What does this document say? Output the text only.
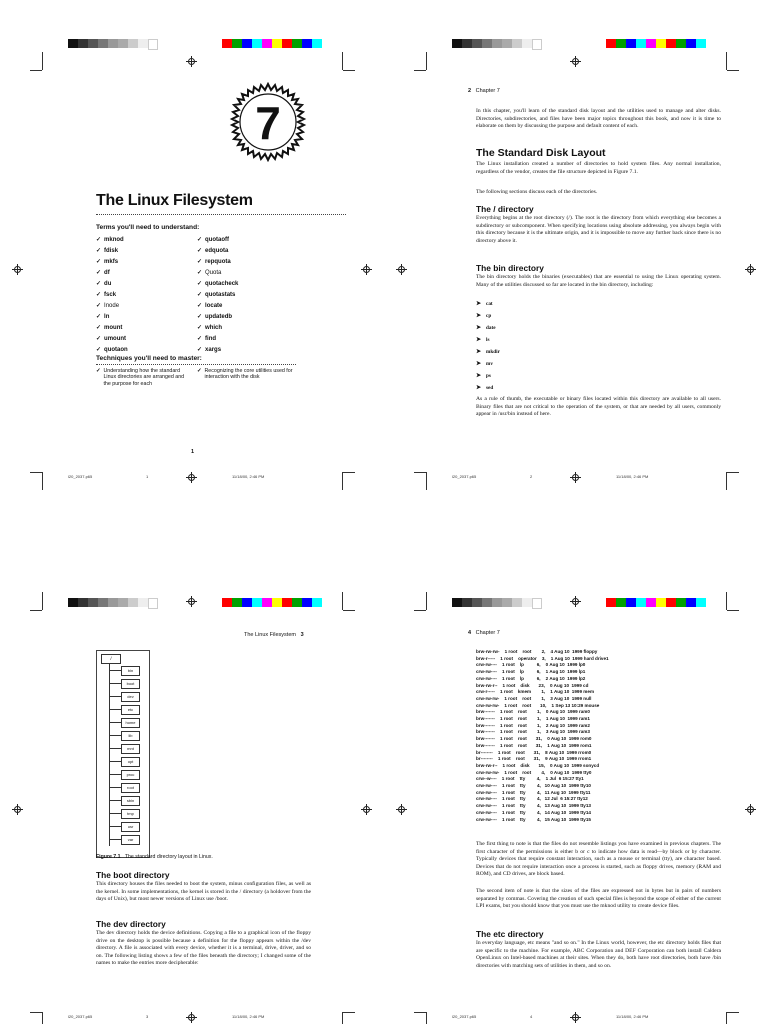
7
The Linux Filesystem
Terms you'll need to understand:
✓ mknod
✓ fdisk
✓ mkfs
✓ df
✓ du
✓ fsck
✓ Inode
✓ ln
✓ mount
✓ umount
✓ quotaon
✓ quotaoff
✓ edquota
✓ repquota
✓ Quota
✓ quotacheck
✓ quotastats
✓ locate
✓ updatedb
✓ which
✓ find
✓ xargs
Techniques you'll need to master:
✓ Understanding how the standard Linux directories are arranged and the purpose for each
✓ Recognizing the core utilities used for interaction with the disk
1
l20_2037.p65	1	11/18/00, 2:46 PM
2 Chapter 7
In this chapter, you'll learn of the standard disk layout and the utilities used to manage and alter disks. Directories, subdirectories, and files have been major topics throughout this book, and now it is time to elaborate on them by discussing the purpose and default content of each.
The Standard Disk Layout
The Linux installation created a number of directories to hold system files. Any normal installation, regardless of the vendor, creates the file structure depicted in Figure 7.1.
The following sections discuss each of the directories.
The / directory
Everything begins at the root directory (/). The root is the directory from which everything else becomes a subdirectory or subcomponent. When specifying locations using absolute addressing, you always begin with this directory because it is the ultimate origin, and it is impossible to move any further back since there is no directory above it.
The bin directory
The bin directory holds the binaries (executables) that are essential to using the Linux operating system. Many of the utilities discussed so far are located in the bin directory, including:
➤ cat
➤ cp
➤ date
➤ ls
➤ mkdir
➤ mv
➤ ps
➤ sed
As a rule of thumb, the executable or binary files located within this directory are available to all users. Binary files that are not critical to the operation of the system, or that are needed by all users, commonly appear in /usr/bin instead of here.
l20_2037.p65	2	11/18/00, 2:46 PM
The Linux Filesystem 3
/
bin
boot
dev
etc
home
lib
mnt
opt
proc
root
sbin
tmp
usr
var
Figure 7.1 The standard directory layout in Linux.
The boot directory
This directory houses the files needed to boot the system, minus configuration files, as well as the kernel. In some implementations, the kernel is stored in the / directory (a holdover from the days of Unix), but most newer versions of Linux use /boot.
The dev directory
The dev directory holds the device definitions. Copying a file to a graphical icon of the floppy drive on the desktop is possible because a definition for the floppy appears within the /dev directory. A file is associated with every device, whether it is a terminal, drive, driver, and so on. The following listing shows a few of the files beneath the directory; I changed some of the names to make the entries more decipherable:
l20_2037.p65	3	11/18/00, 2:46 PM
4 Chapter 7
brw-rw-rw-    1 root    root        2,    4 Aug 10  1999 floppy
brw-r-----    1 root    operator    3,    1 Aug 10  1999 hard drive1
crw-rw----    1 root    lp          6,    0 Aug 10  1999 lp0
crw-rw----    1 root    lp          6,    1 Aug 10  1999 lp1
crw-rw----    1 root    lp          6,    2 Aug 10  1999 lp2
brw-rw-r--    1 root    disk       23,    0 Aug 10  1999 cd
crw-r-----    1 root    kmem        1,    1 Aug 10  1999 mem
crw-rw-rw-    1 root    root        1,    3 Aug 10  1999 null
crw-rw-rw-    1 root    root       10,    1 Sep 13 10:29 mouse
brw-------    1 root    root        1,    0 Aug 10  1999 ram0
brw-------    1 root    root        1,    1 Aug 10  1999 ram1
brw-------    1 root    root        1,    2 Aug 10  1999 ram2
brw-------    1 root    root        1,    3 Aug 10  1999 ram3
brw-------    1 root    root       31,    0 Aug 10  1999 rom0
brw-------    1 root    root       31,    1 Aug 10  1999 rom1
br--------    1 root    root       31,    8 Aug 10  1999 rrom0
br--------    1 root    root       31,    9 Aug 10  1999 rrom1
brw-rw-r--    1 root    disk       15,    0 Aug 10  1999 sonycd
crw-rw-rw-    1 root    root        4,    0 Aug 10  1999 tty0
crw--w----    1 root    tty         4,    1 Jul  6 15:27 tty1
crw-rw----    1 root    tty         4,   10 Aug 10  1999 tty10
crw-rw----    1 root    tty         4,   11 Aug 10  1999 tty11
crw-rw----    1 root    tty         4,   12 Jul  6 15:27 tty12
crw-rw----    1 root    tty         4,   13 Aug 10  1999 tty13
crw-rw----    1 root    tty         4,   14 Aug 10  1999 tty14
crw-rw----    1 root    tty         4,   15 Aug 10  1999 tty15
The first thing to note is that the files do not resemble listings you have examined in previous chapters. The first character of the permissions is either b or c to indicate how data is read—by block or by character. Typically devices that require constant interaction, such as a mouse or terminal (tty), are character based. Devices that do not require interaction once a process is started, such as floppy drives, memory (RAM and ROM), and CD drives, are block based.
The second item of note is that the sizes of the files are expressed not in bytes but in pairs of numbers separated by commas. Covering the creation of such special files is beyond the scope of either of the current LPI exams, but you should know that you must use the mknod utility to create device files.
The etc directory
In everyday language, etc means "and so on." In the Linux world, however, the etc directory holds files that are specific to the machine. For example, ABC Corporation and DEF Corporation can both install Caldera OpenLinux on Intel-based machines at their sites. When they do, both have root directories, both have /bin directories with matching sets of utilities in them, and so on.
l20_2037.p65	4	11/18/00, 2:46 PM
